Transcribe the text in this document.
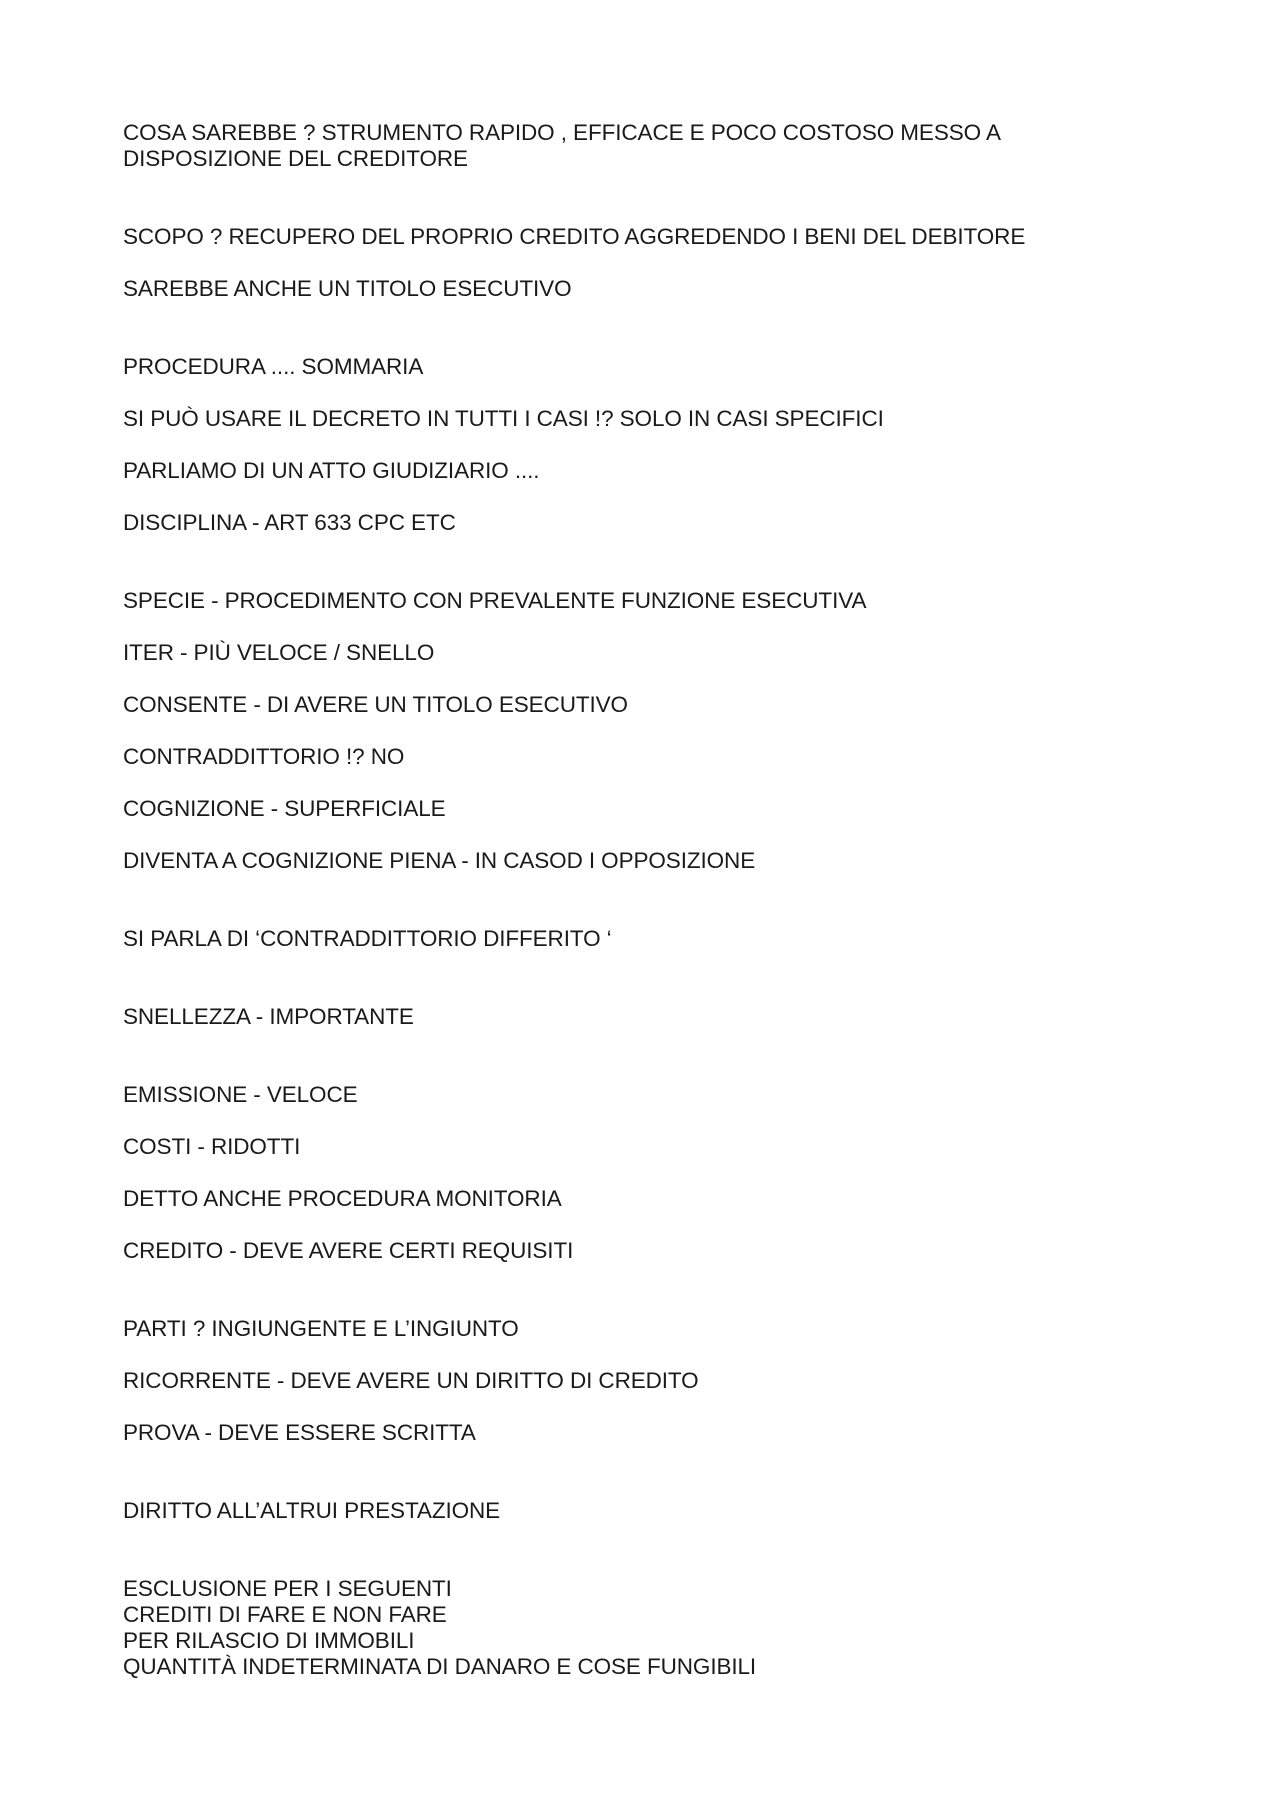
COSA SAREBBE ? STRUMENTO RAPIDO , EFFICACE E POCO COSTOSO MESSO A
DISPOSIZIONE DEL CREDITORE
SCOPO ? RECUPERO DEL PROPRIO CREDITO AGGREDENDO I BENI DEL DEBITORE
SAREBBE ANCHE UN TITOLO ESECUTIVO
PROCEDURA .... SOMMARIA
SI PUÒ USARE IL DECRETO IN TUTTI I CASI !? SOLO IN CASI SPECIFICI
PARLIAMO DI UN ATTO GIUDIZIARIO ....
DISCIPLINA - ART 633 CPC ETC
SPECIE - PROCEDIMENTO CON PREVALENTE FUNZIONE ESECUTIVA
ITER - PIÙ VELOCE / SNELLO
CONSENTE - DI AVERE UN TITOLO ESECUTIVO
CONTRADDITTORIO !? NO
COGNIZIONE - SUPERFICIALE
DIVENTA A COGNIZIONE PIENA - IN CASOD I OPPOSIZIONE
SI PARLA DI ‘CONTRADDITTORIO DIFFERITO ‘
SNELLEZZA - IMPORTANTE
EMISSIONE - VELOCE
COSTI - RIDOTTI
DETTO ANCHE PROCEDURA MONITORIA
CREDITO - DEVE AVERE CERTI REQUISITI
PARTI ? INGIUNGENTE E L’INGIUNTO
RICORRENTE - DEVE AVERE UN DIRITTO DI CREDITO
PROVA - DEVE ESSERE SCRITTA
DIRITTO ALL’ALTRUI PRESTAZIONE
ESCLUSIONE PER I SEGUENTI
CREDITI DI FARE E NON FARE
PER RILASCIO DI IMMOBILI
QUANTITÀ INDETERMINATA DI DANARO E COSE FUNGIBILI
